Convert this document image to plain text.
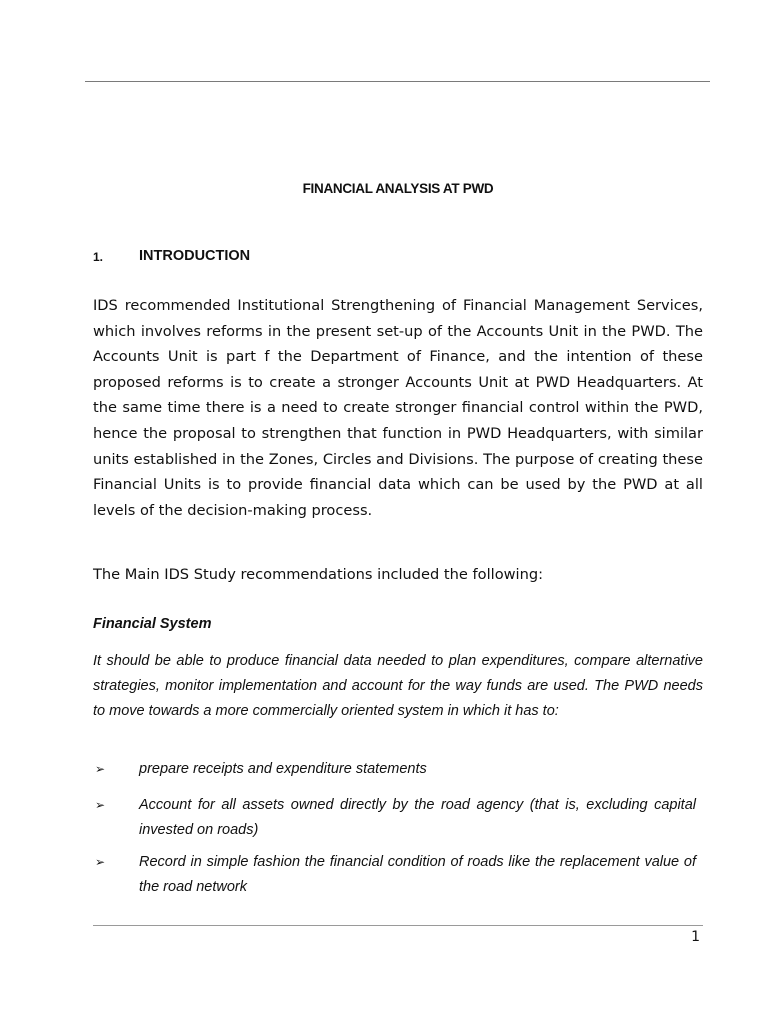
FINANCIAL ANALYSIS AT PWD
1. INTRODUCTION

IDS recommended Institutional Strengthening of Financial Management Services, which involves reforms in the present set-up of the Accounts Unit in the PWD. The Accounts Unit is part f the Department of Finance, and the intention of these proposed reforms is to create a stronger Accounts Unit at PWD Headquarters. At the same time there is a need to create stronger financial control within the PWD, hence the proposal to strengthen that function in PWD Headquarters, with similar units established in the Zones, Circles and Divisions. The purpose of creating these Financial Units is to provide financial data which can be used by the PWD at all levels of the decision-making process.

The Main IDS Study recommendations included the following:

Financial System

It should be able to produce financial data needed to plan expenditures, compare alternative strategies, monitor implementation and account for the way funds are used. The PWD needs to move towards a more commercially oriented system in which it has to:

➢ prepare receipts and expenditure statements
➢ Account for all assets owned directly by the road agency (that is, excluding capital invested on roads)
➢ Record in simple fashion the financial condition of roads like the replacement value of the road network
1
